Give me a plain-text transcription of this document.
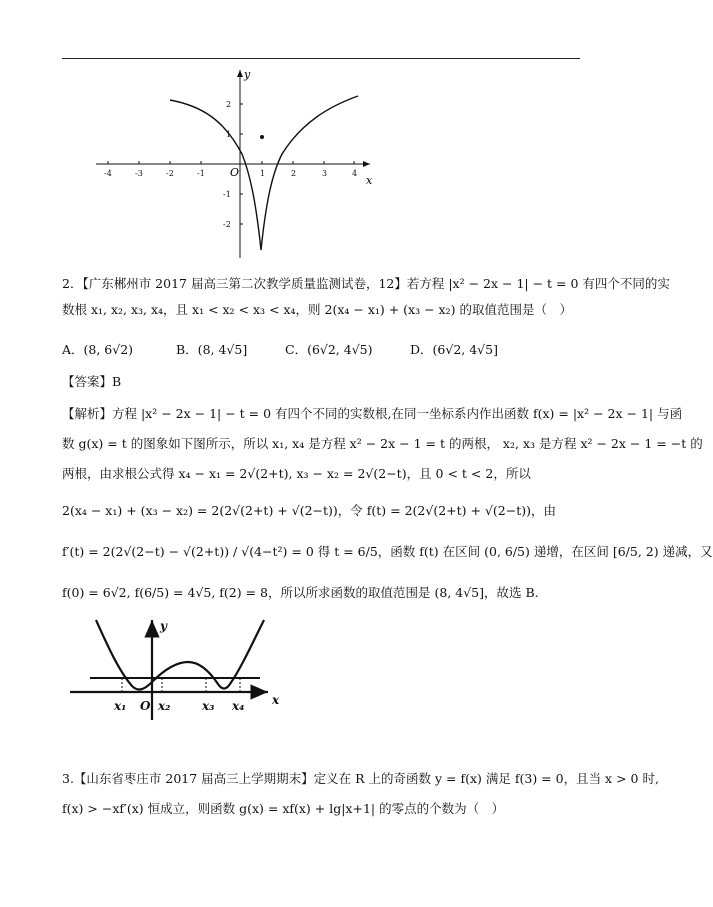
-4	-3	-2	-1	1	2	3	4
2
1
-1
-2
O
x
y
2．【广东郴州市 2017 届高三第二次教学质量监测试卷，12】若方程 |x² − 2x − 1| − t = 0 有四个不同的实
数根 x₁, x₂, x₃, x₄，且 x₁ < x₂ < x₃ < x₄，则 2(x₄ − x₁) + (x₃ − x₂) 的取值范围是（　）
A．(8, 6√2)	B．(8, 4√5]	C．(6√2, 4√5)	D．(6√2, 4√5]
【答案】B
【解析】方程 |x² − 2x − 1| − t = 0 有四个不同的实数根,在同一坐标系内作出函数 f(x) = |x² − 2x − 1| 与函
数 g(x) = t 的图象如下图所示，所以 x₁, x₄ 是方程 x² − 2x − 1 = t 的两根， x₂, x₃ 是方程 x² − 2x − 1 = −t 的
两根，由求根公式得 x₄ − x₁ = 2√(2+t), x₃ − x₂ = 2√(2−t)，且 0 < t < 2，所以
2(x₄ − x₁) + (x₃ − x₂) = 2(2√(2+t) + √(2−t))，令 f(t) = 2(2√(2+t) + √(2−t))，由
f′(t) = 2(2√(2−t) − √(2+t)) / √(4−t²) = 0 得 t = 6/5，函数 f(t) 在区间 (0, 6/5) 递增，在区间 [6/5, 2) 递减，又
f(0) = 6√2, f(6/5) = 4√5, f(2) = 8，所以所求函数的取值范围是 (8, 4√5]，故选 B.
x₁ O x₂	x₃ x₄
y
x
3.【山东省枣庄市 2017 届高三上学期期末】定义在 R 上的奇函数 y = f(x) 满足 f(3) = 0，且当 x > 0 时,
f(x) > −xf′(x) 恒成立，则函数 g(x) = xf(x) + lg|x+1| 的零点的个数为（　）
